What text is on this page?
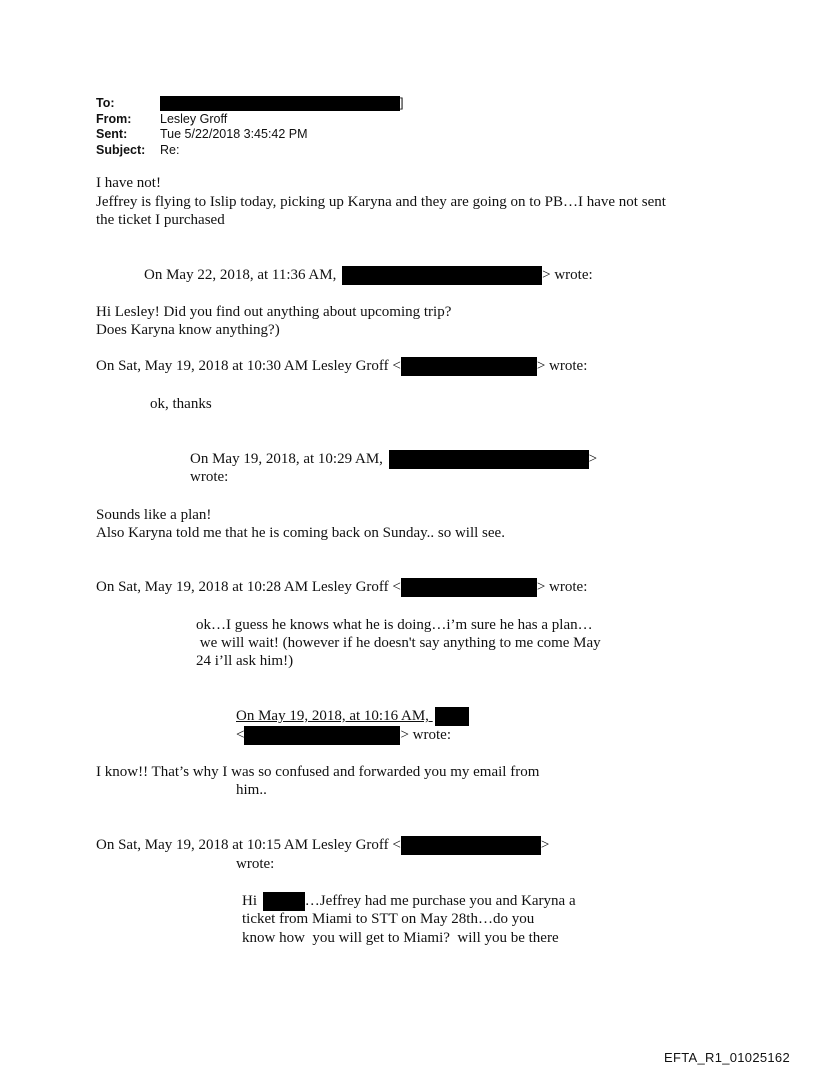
To:	]
From: Lesley Groff
Sent:	Tue 5/22/2018 3:45:42 PM
Subject: Re:
I have not!
Jeffrey is flying to Islip today, picking up Karyna and they are going on to PB…I have not sent
the ticket I purchased
On May 22, 2018, at 11:36 AM,	> wrote:
Hi Lesley! Did you find out anything about upcoming trip?
Does Karyna know anything?)
On Sat, May 19, 2018 at 10:30 AM Lesley Groff <	> wrote:
ok, thanks
On May 19, 2018, at 10:29 AM,	>
wrote:
Sounds like a plan!
Also Karyna told me that he is coming back on Sunday.. so will see.
On Sat, May 19, 2018 at 10:28 AM Lesley Groff <	> wrote:
ok…I guess he knows what he is doing…i’m sure he has a plan…
we will wait! (however if he doesn't say anything to me come May
24 i’ll ask him!)
On May 19, 2018, at 10:16 AM,
<	> wrote:
I know!! That’s why I was so confused and forwarded you my email from
him..
On Sat, May 19, 2018 at 10:15 AM Lesley Groff <	>
wrote:
Hi	…Jeffrey had me purchase you and Karyna a
ticket from Miami to STT on May 28th…do you
know how  you will get to Miami?  will you be there
EFTA_R1_01025162
